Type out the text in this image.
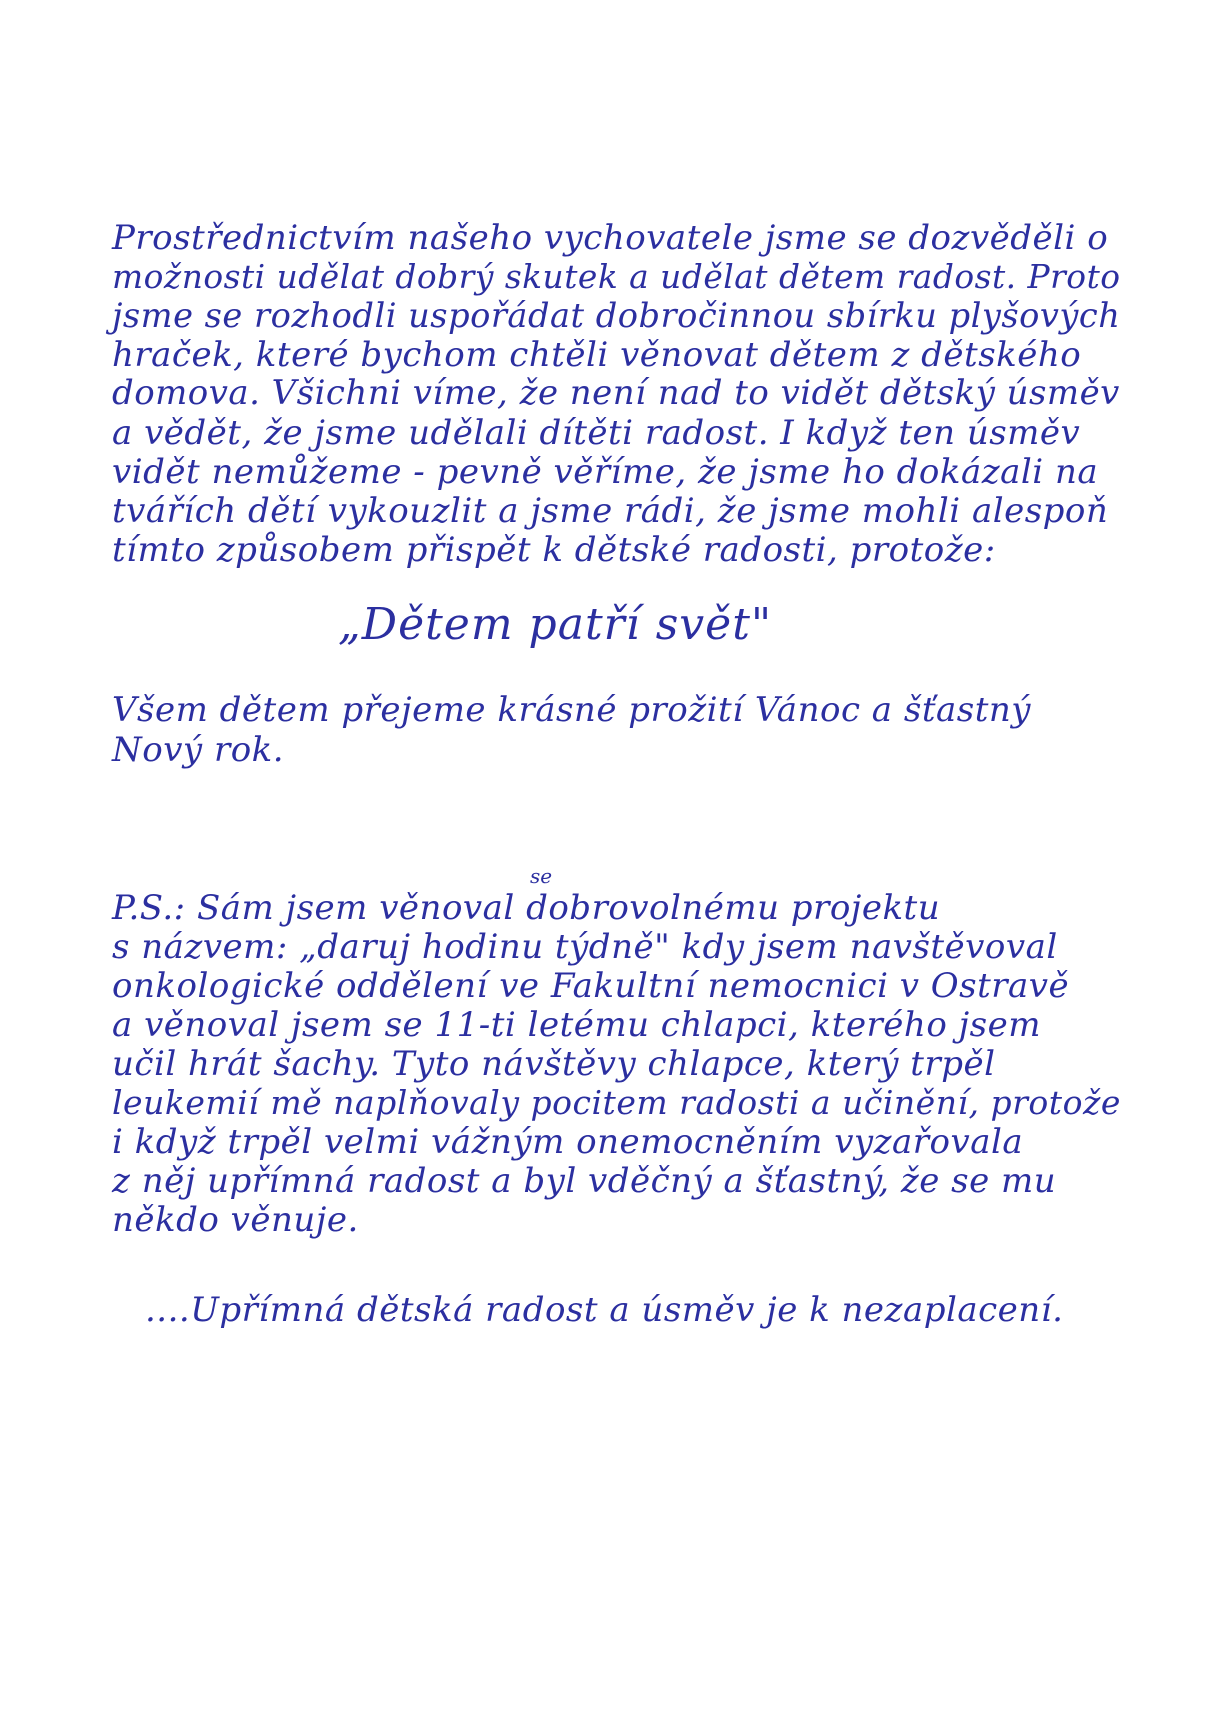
Prostřednictvím našeho vychovatele jsme se dozvěděli o
možnosti udělat dobrý skutek a udělat dětem radost. Proto
jsme se rozhodli uspořádat dobročinnou sbírku plyšových
hraček, které bychom chtěli věnovat dětem z dětského
domova. Všichni víme, že není nad to vidět dětský úsměv
a vědět, že jsme udělali dítěti radost. I když ten úsměv
vidět nemůžeme - pevně věříme, že jsme ho dokázali na
tvářích dětí vykouzlit a jsme rádi, že jsme mohli alespoň
tímto způsobem přispět k dětské radosti, protože:
„Dětem patří svět"
Všem dětem přejeme krásné prožití Vánoc a šťastný
Nový rok.
se
P.S.: Sám jsem věnoval dobrovolnému projektu
s názvem: „daruj hodinu týdně" kdy jsem navštěvoval
onkologické oddělení ve Fakultní nemocnici v Ostravě
a věnoval jsem se 11-ti letému chlapci, kterého jsem
učil hrát šachy. Tyto návštěvy chlapce, který trpěl
leukemií mě naplňovaly pocitem radosti a učinění, protože
i když trpěl velmi vážným onemocněním vyzařovala
z něj upřímná radost a byl vděčný a šťastný, že se mu
někdo věnuje.
....Upřímná dětská radost a úsměv je k nezaplacení.
